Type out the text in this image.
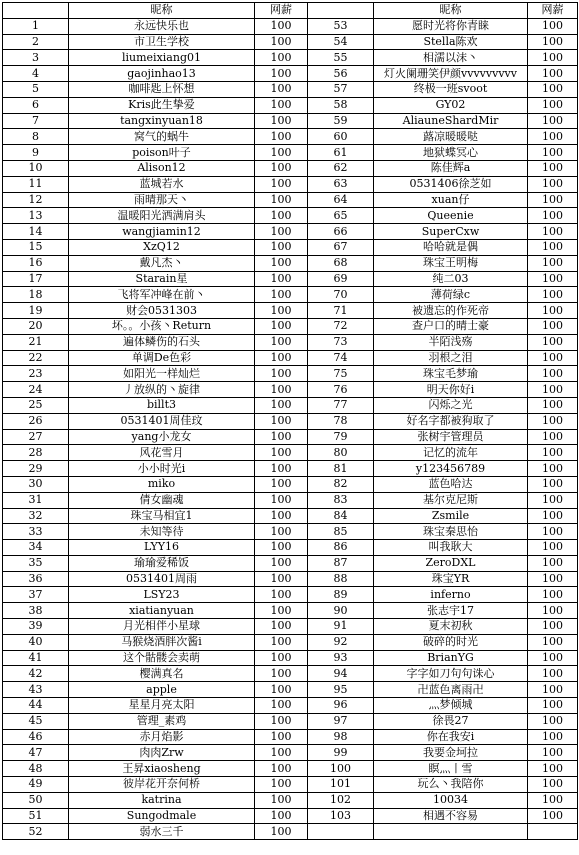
	昵称	网薪		昵称	网薪
1	永远快乐也	100	53	愿时光将你青睐	100
2	市卫生学校	100	54	Stella陈欢	100
3	liumeixiang01	100	55	相濡以沫丶	100
4	gaojinhao13	100	56	灯火阑珊笑伊颜vvvvvvvvv	100
5	咖啡匙上怀想	100	57	终极一班svoot	100
6	Kris此生挚爱	100	58	GY02	100
7	tangxinyuan18	100	59	AliauneShardMir	100
8	窝气的蜗牛	100	60	蕗凉暖暖哒	100
9	poison叶子	100	61	地狱蝶冥心	100
10	Alison12	100	62	陈佳辉a	100
11	蓝城若水	100	63	0531406徐芝如	100
12	雨晴那天丶	100	64	xuan仔	100
13	温暖阳光洒满肩头	100	65	Queenie	100
14	wangjiamin12	100	66	SuperCxw	100
15	XzQ12	100	67	哈哈就是偶	100
16	戴凡杰丶	100	68	珠宝王明梅	100
17	Starain星	100	69	纯二03	100
18	飞将军冲峰在前丶	100	70	薄荷绿c	100
19	财会0531303	100	71	被遗忘的作死帝	100
20	坏。。小孩丶Return	100	72	查户口的晴士豪	100
21	遍体鳞伤的石头	100	73	半陌浅殇	100
22	单调De色彩	100	74	羽根之泪	100
23	如阳光一样灿烂	100	75	珠宝毛梦瑜	100
24	丿放纵的丶旋律	100	76	明天你好i	100
25	billt3	100	77	闪烁之光	100
26	0531401周佳玟	100	78	好名字都被狗取了	100
27	yang小龙女	100	79	张树宇管理员	100
28	风花雪月	100	80	记忆的流年	100
29	小小时光i	100	81	y123456789	100
30	miko	100	82	蓝色哈达	100
31	倩女幽魂	100	83	基尔克尼斯	100
32	珠宝马相宜1	100	84	Zsmile	100
33	未知等待	100	85	珠宝秦思怡	100
34	LYY16	100	86	叫我耿大	100
35	瑜瑜爱稀饭	100	87	ZeroDXL	100
36	0531401周雨	100	88	珠宝YR	100
37	LSY23	100	89	inferno	100
38	xiatianyuan	100	90	张志宇17	100
39	月光相伴小星球	100	91	夏末初秋	100
40	马猴烧酒胖次酱i	100	92	破碎的时光	100
41	这个骷髅会卖萌	100	93	BrianYG	100
42	樱满真名	100	94	字字如刀句句诛心	100
43	apple	100	95	卍蓝色离雨卍	100
44	星星月亮太阳	100	96	灬梦倾城	100
45	管理_素鸡	100	97	徐畏27	100
46	赤月焰影	100	98	你在我安i	100
47	肉肉Zrw	100	99	我要金坷拉	100
48	王昇xiaosheng	100	100	瞑灬丨雪	100
49	彼岸花开奈何桥	100	101	玩么丶我陪你	100
50	katrina	100	102	10034	100
51	Sungodmale	100	103	相遇不容易	100
52	弱水三千	100			
